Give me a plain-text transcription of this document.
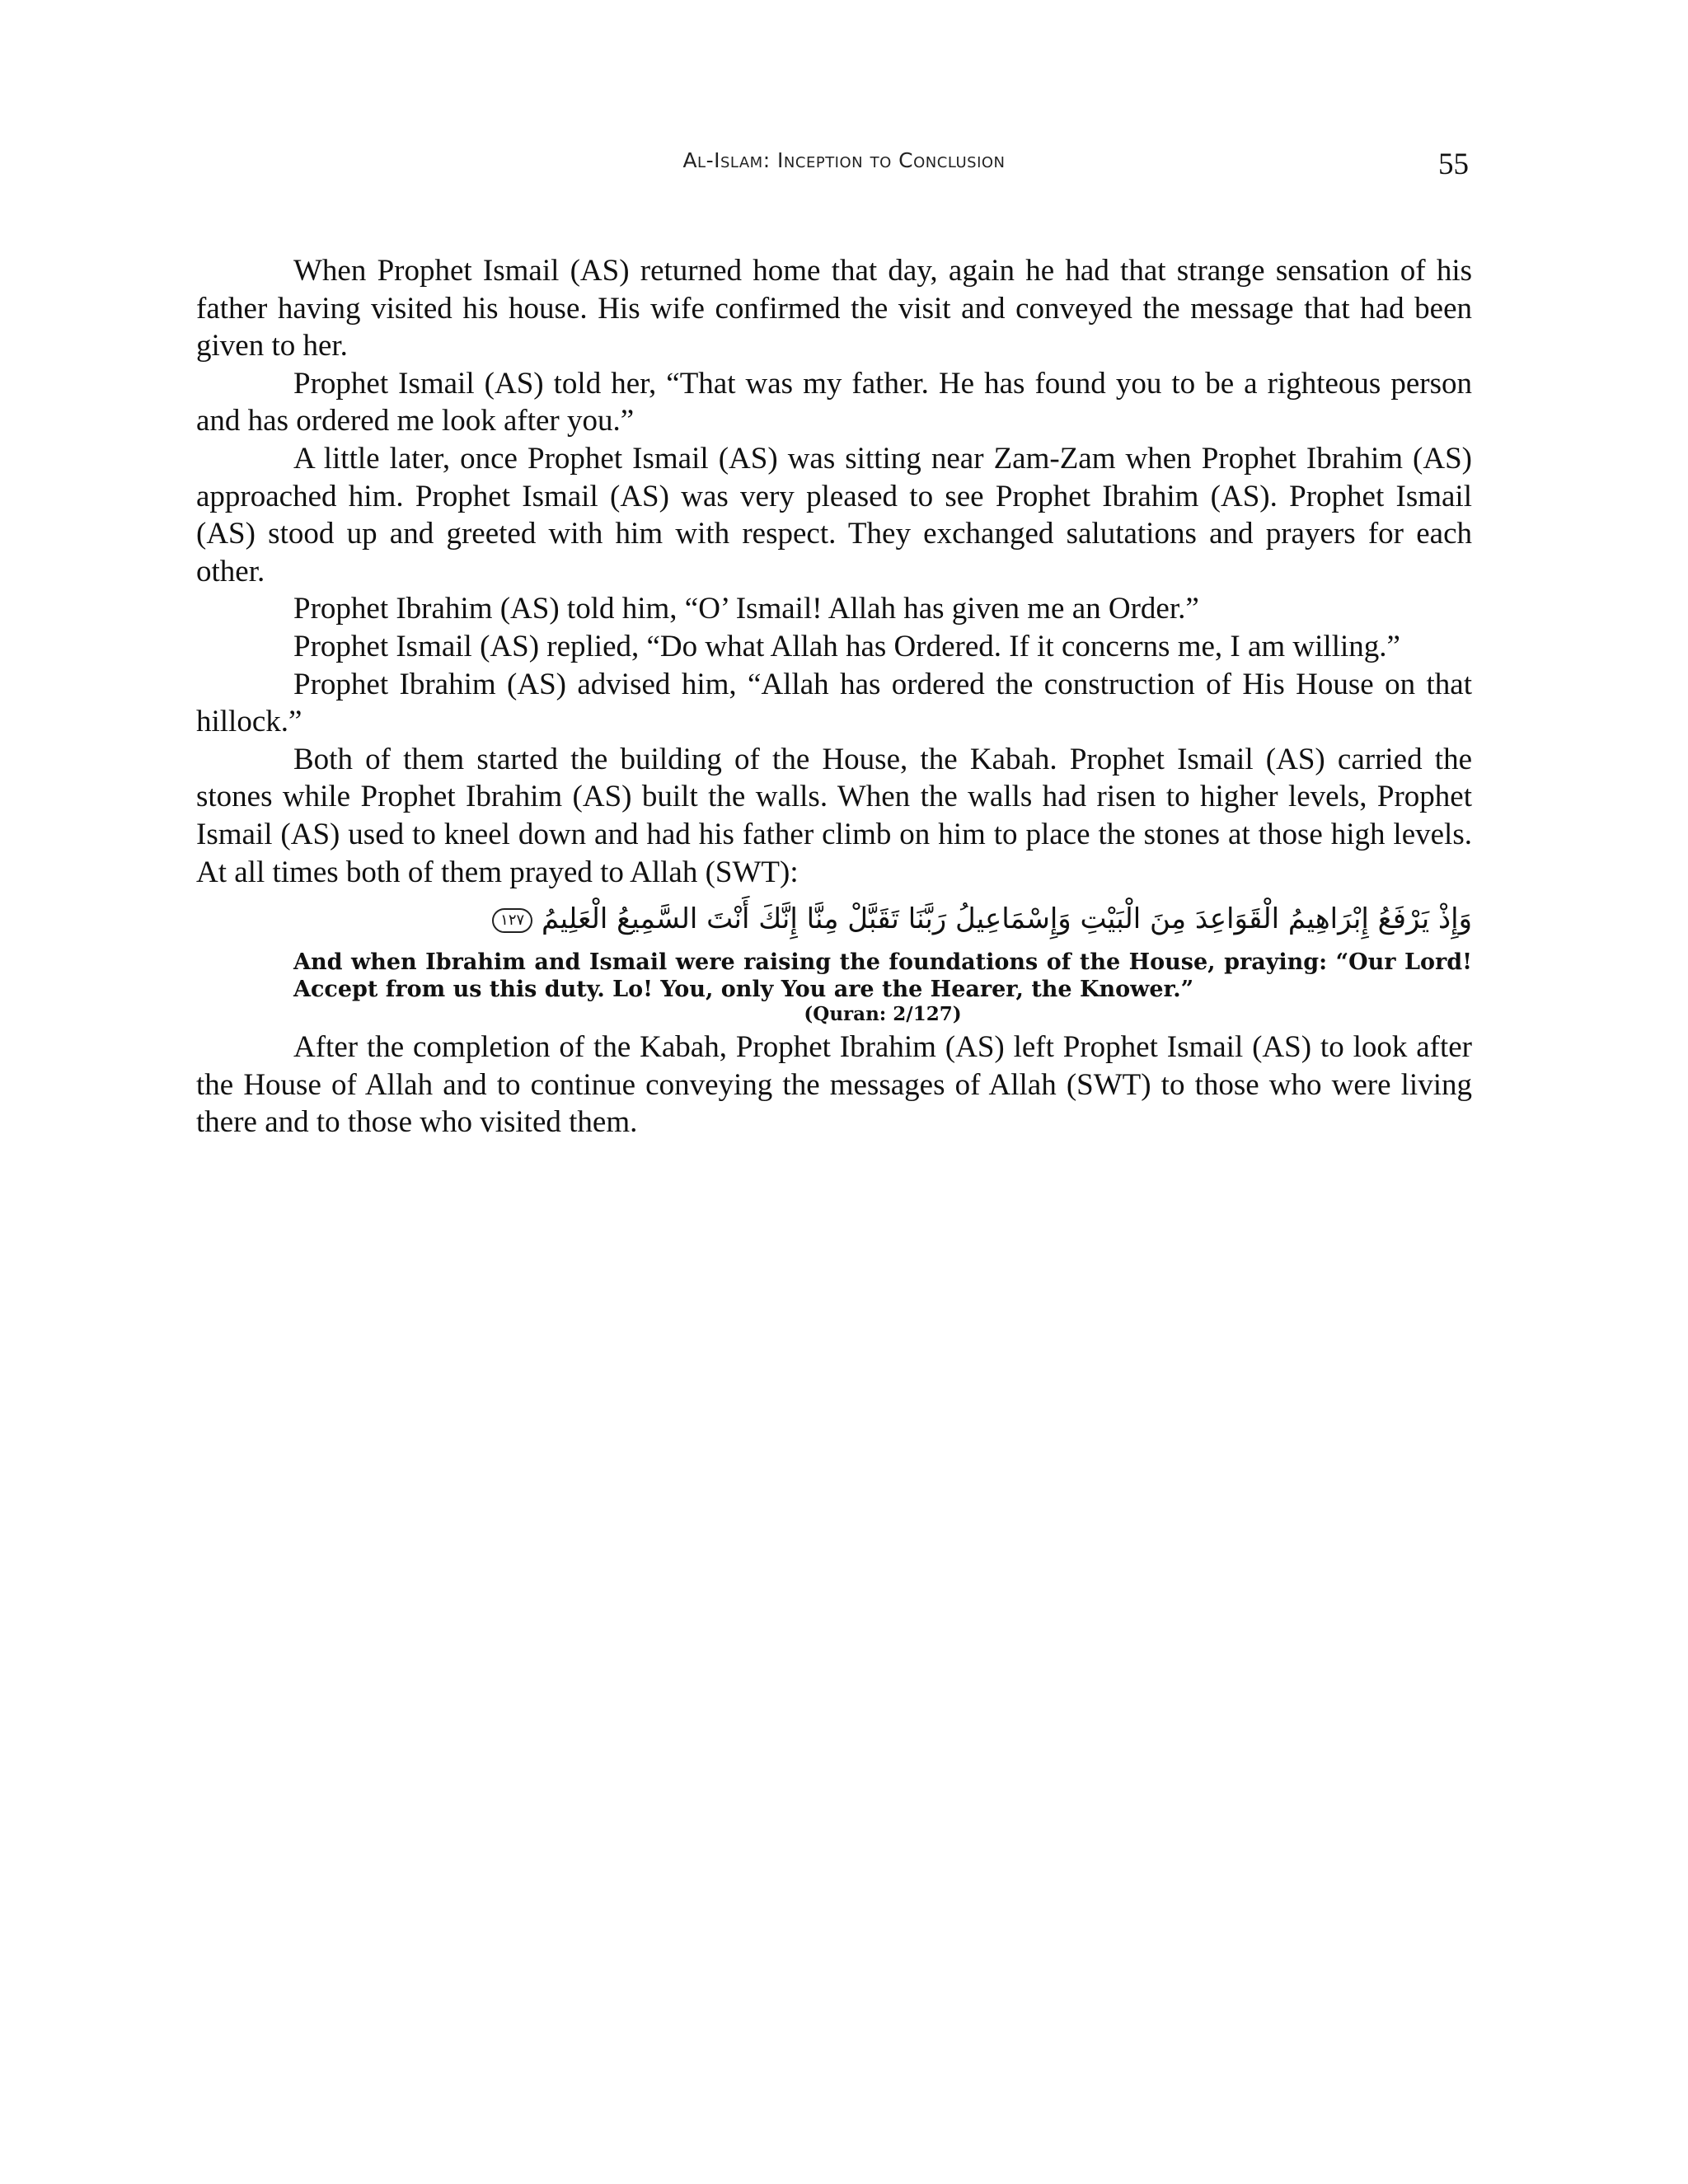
Al-Islam: Inception to Conclusion	55

When Prophet Ismail (AS) returned home that day, again he had that strange sensation of his father having visited his house. His wife confirmed the visit and conveyed the message that had been given to her.

Prophet Ismail (AS) told her, “That was my father. He has found you to be a righteous person and has ordered me look after you.”

A little later, once Prophet Ismail (AS) was sitting near Zam-Zam when Prophet Ibrahim (AS) approached him. Prophet Ismail (AS) was very pleased to see Prophet Ibrahim (AS). Prophet Ismail (AS) stood up and greeted with him with respect. They exchanged salutations and prayers for each other.

Prophet Ibrahim (AS) told him, “O’ Ismail! Allah has given me an Order.”

Prophet Ismail (AS) replied, “Do what Allah has Ordered. If it concerns me, I am willing.”

Prophet Ibrahim (AS) advised him, “Allah has ordered the construction of His House on that hillock.”

Both of them started the building of the House, the Kabah. Prophet Ismail (AS) carried the stones while Prophet Ibrahim (AS) built the walls. When the walls had risen to higher levels, Prophet Ismail (AS) used to kneel down and had his father climb on him to place the stones at those high levels. At all times both of them prayed to Allah (SWT):

وَإِذْ يَرْفَعُ إِبْرَاهِيمُ الْقَوَاعِدَ مِنَ الْبَيْتِ وَإِسْمَاعِيلُ رَبَّنَا تَقَبَّلْ مِنَّا إِنَّكَ أَنْتَ السَّمِيعُ الْعَلِيمُ ١٢٧

And when Ibrahim and Ismail were raising the foundations of the House, praying: “Our Lord! Accept from us this duty. Lo! You, only You are the Hearer, the Knower.”

(Quran: 2/127)

After the completion of the Kabah, Prophet Ibrahim (AS) left Prophet Ismail (AS) to look after the House of Allah and to continue conveying the messages of Allah (SWT) to those who were living there and to those who visited them.
